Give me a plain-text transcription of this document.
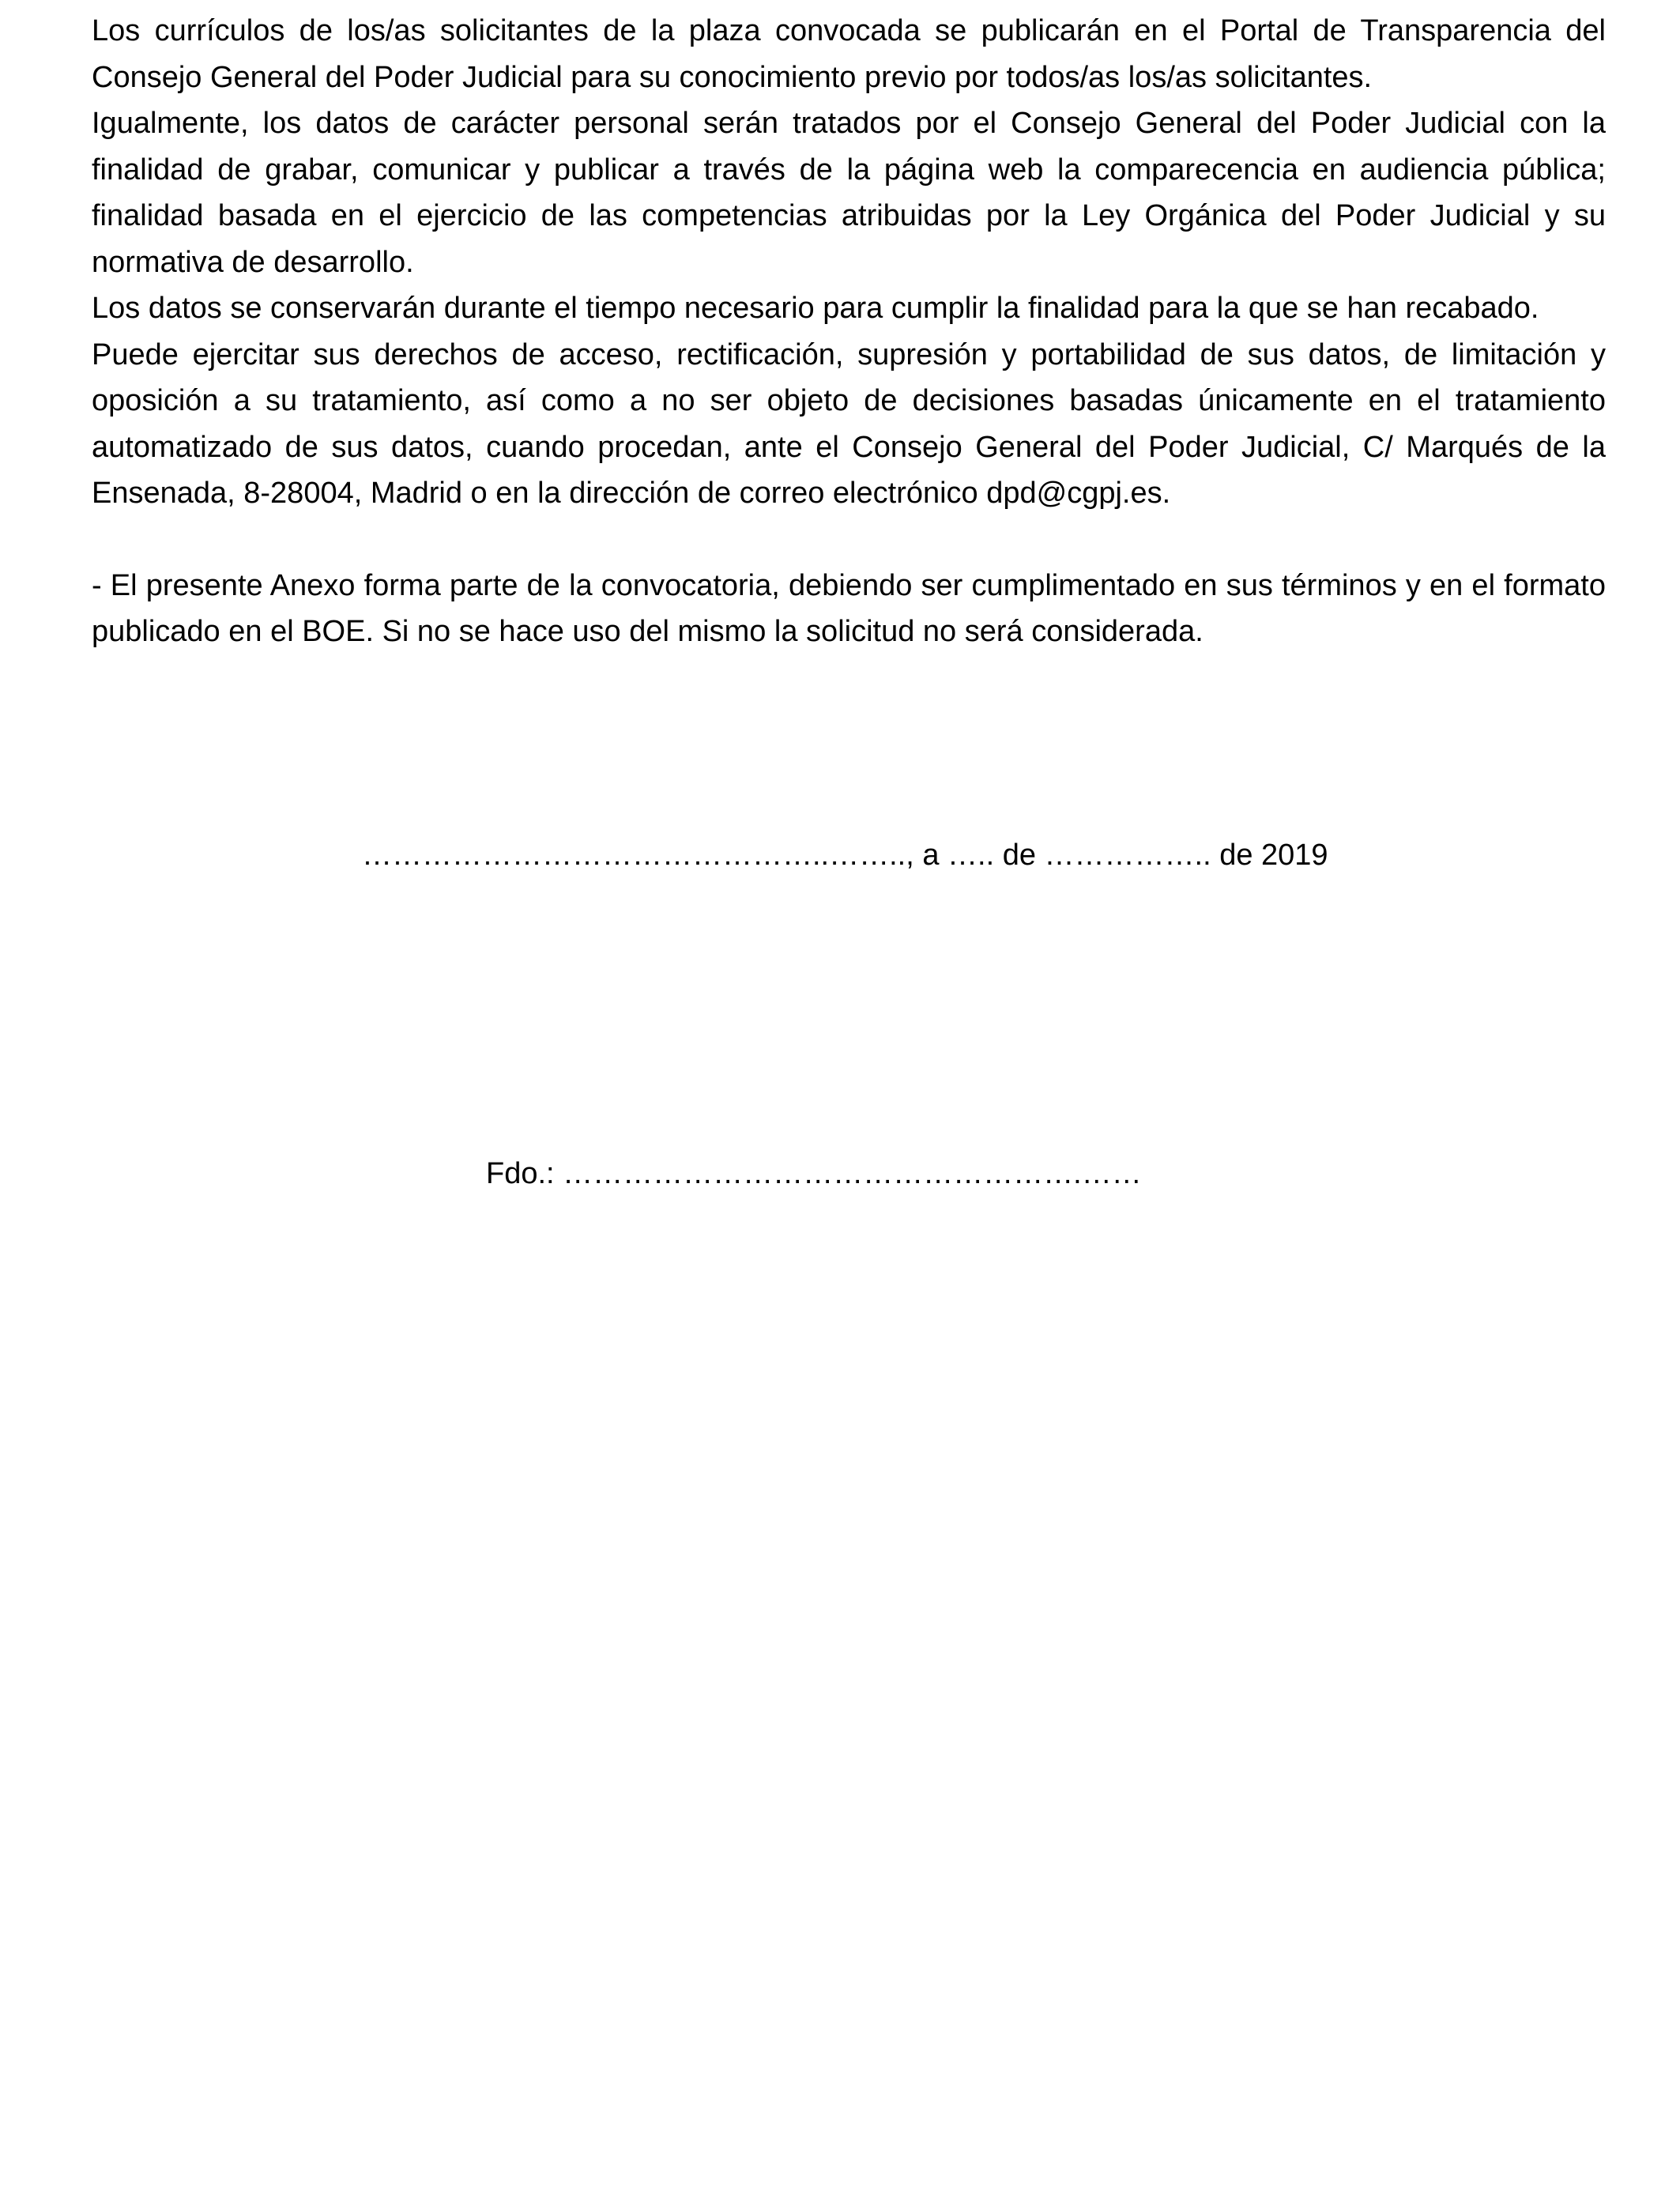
Los currículos de los/as solicitantes de la plaza convocada se publicarán en el Portal de Transparencia del Consejo General del Poder Judicial para su conocimiento previo por todos/as los/as solicitantes.

Igualmente, los datos de carácter personal serán tratados por el Consejo General del Poder Judicial con la finalidad de grabar, comunicar y publicar a través de la página web la comparecencia en audiencia pública; finalidad basada en el ejercicio de las competencias atribuidas por la Ley Orgánica del Poder Judicial y su normativa de desarrollo.

Los datos se conservarán durante el tiempo necesario para cumplir la finalidad para la que se han recabado.

Puede ejercitar sus derechos de acceso, rectificación, supresión y portabilidad de sus datos, de limitación y oposición a su tratamiento, así como a no ser objeto de decisiones basadas únicamente en el tratamiento automatizado de sus datos, cuando procedan, ante el Consejo General del Poder Judicial, C/ Marqués de la Ensenada, 8-28004, Madrid o en la dirección de correo electrónico dpd@cgpj.es.

- El presente Anexo forma parte de la convocatoria, debiendo ser cumplimentado en sus términos y en el formato publicado en el BOE. Si no se hace uso del mismo la solicitud no será considerada.

………………………………………..…….., a ….. de …………….. de 2019
Fdo.: …………………………………………….……
